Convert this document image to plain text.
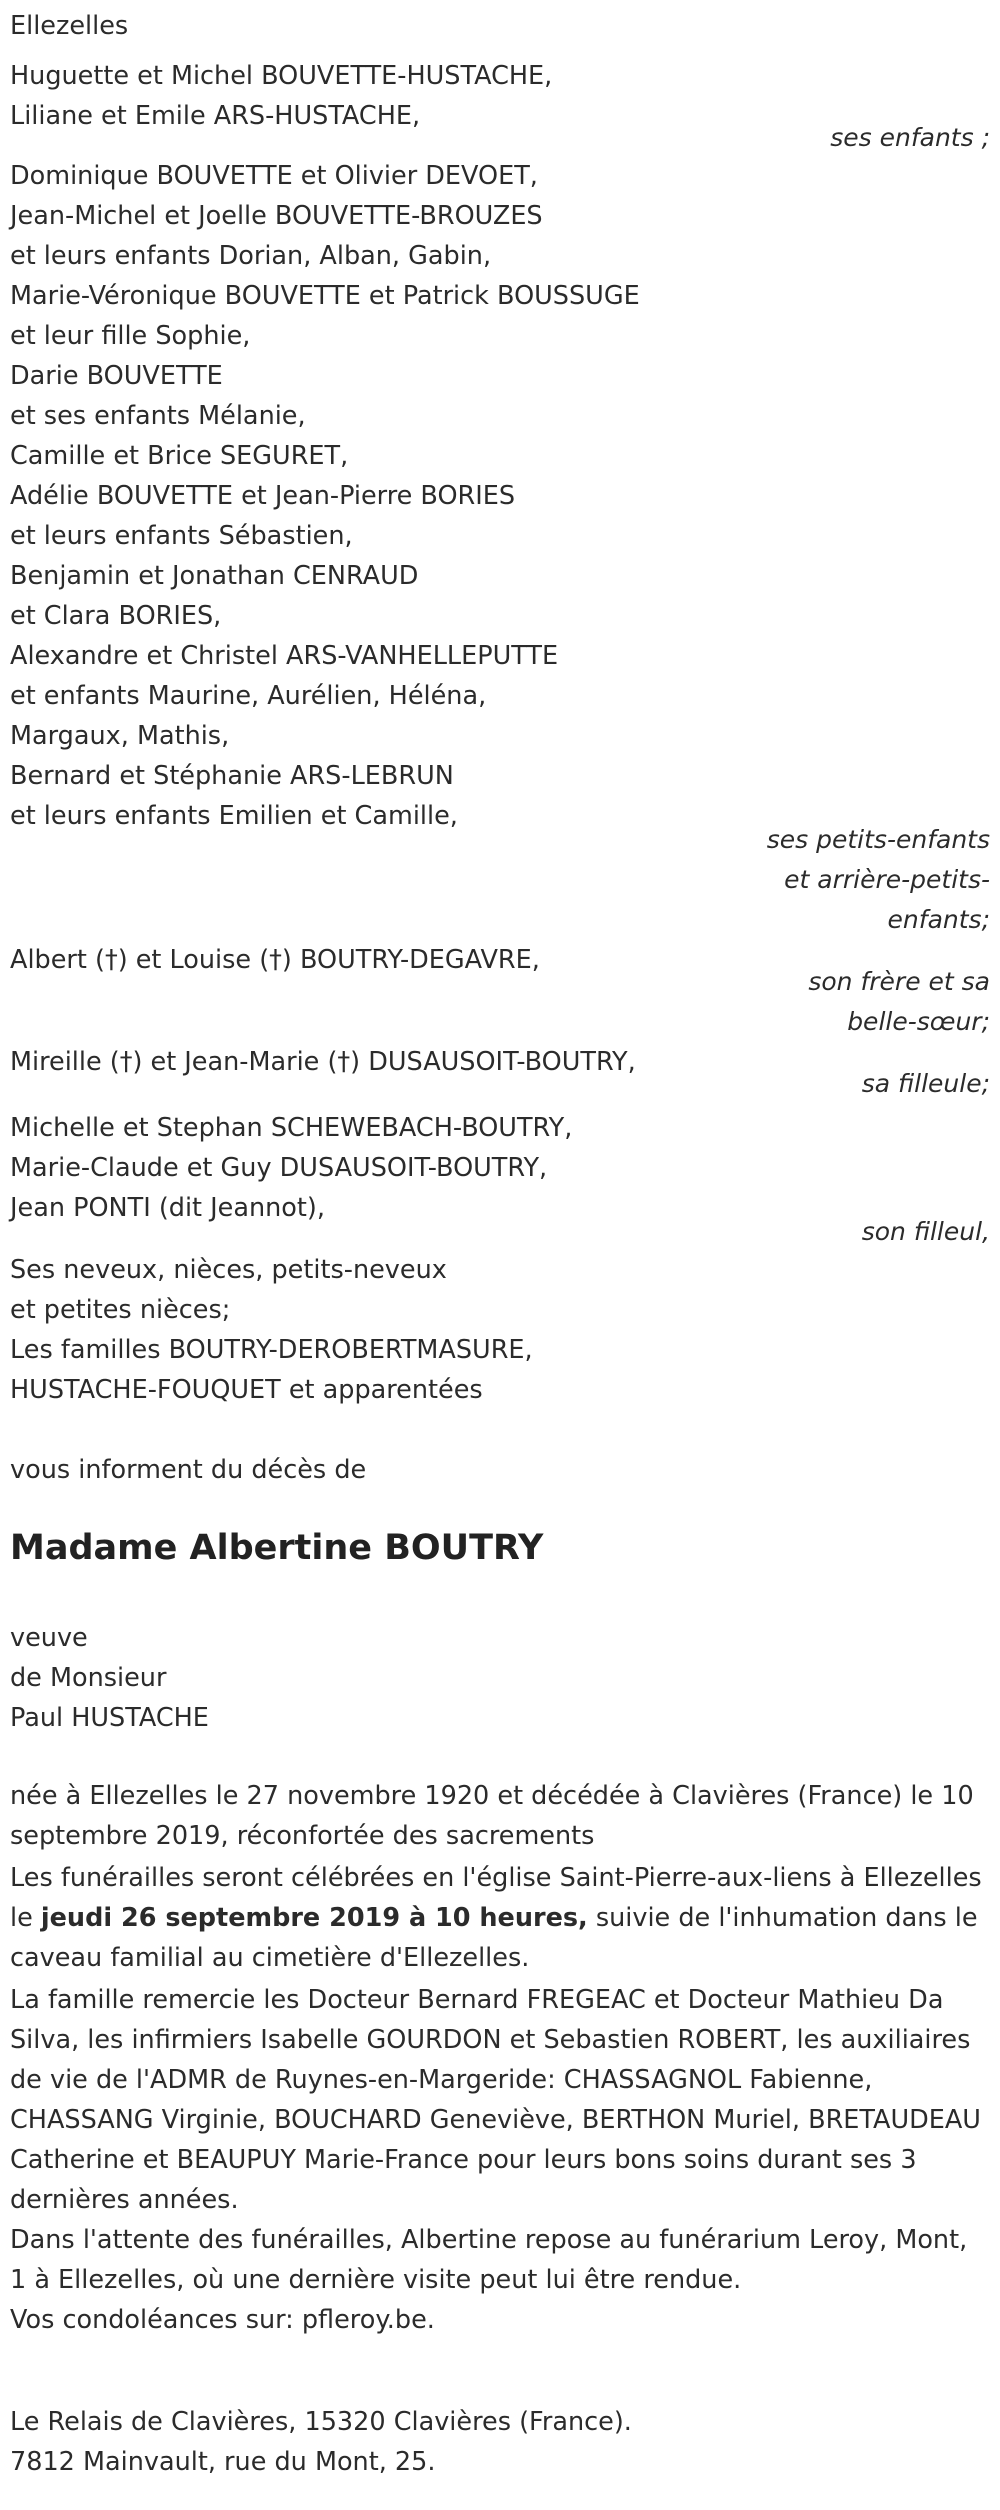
Ellezelles
Huguette et Michel BOUVETTE-HUSTACHE,
Liliane et Emile ARS-HUSTACHE,
ses enfants ;
Dominique BOUVETTE et Olivier DEVOET,
Jean-Michel et Joelle BOUVETTE-BROUZES
et leurs enfants Dorian, Alban, Gabin,
Marie-Véronique BOUVETTE et Patrick BOUSSUGE
et leur fille Sophie,
Darie BOUVETTE
et ses enfants Mélanie,
Camille et Brice SEGURET,
Adélie BOUVETTE et Jean-Pierre BORIES
et leurs enfants Sébastien,
Benjamin et Jonathan CENRAUD
et Clara BORIES,
Alexandre et Christel ARS-VANHELLEPUTTE
et enfants Maurine, Aurélien, Héléna,
Margaux, Mathis,
Bernard et Stéphanie ARS-LEBRUN
et leurs enfants Emilien et Camille,
ses petits-enfants
et arrière-petits-
enfants;
Albert (†) et Louise (†) BOUTRY-DEGAVRE,
son frère et sa
belle-sœur;
Mireille (†) et Jean-Marie (†) DUSAUSOIT-BOUTRY,
sa filleule;
Michelle et Stephan SCHEWEBACH-BOUTRY,
Marie-Claude et Guy DUSAUSOIT-BOUTRY,
Jean PONTI (dit Jeannot),
son filleul,
Ses neveux, nièces, petits-neveux
et petites nièces;
Les familles BOUTRY-DEROBERTMASURE,
HUSTACHE-FOUQUET et apparentées
vous informent du décès de
Madame Albertine BOUTRY
veuve
de Monsieur
Paul HUSTACHE
née à Ellezelles le 27 novembre 1920 et décédée à Clavières (France) le 10 septembre 2019, réconfortée des sacrements
Les funérailles seront célébrées en l'église Saint-Pierre-aux-liens à Ellezelles le jeudi 26 septembre 2019 à 10 heures, suivie de l'inhumation dans le caveau familial au cimetière d'Ellezelles.
La famille remercie les Docteur Bernard FREGEAC et Docteur Mathieu Da Silva, les infirmiers Isabelle GOURDON et Sebastien ROBERT, les auxiliaires de vie de l'ADMR de Ruynes-en-Margeride: CHASSAGNOL Fabienne, CHASSANG Virginie, BOUCHARD Geneviève, BERTHON Muriel, BRETAUDEAU Catherine et BEAUPUY Marie-France pour leurs bons soins durant ses 3 dernières années.
Dans l'attente des funérailles, Albertine repose au funérarium Leroy, Mont, 1 à Ellezelles, où une dernière visite peut lui être rendue.
Vos condoléances sur: pfleroy.be.
Le Relais de Clavières, 15320 Clavières (France).
7812 Mainvault, rue du Mont, 25.
